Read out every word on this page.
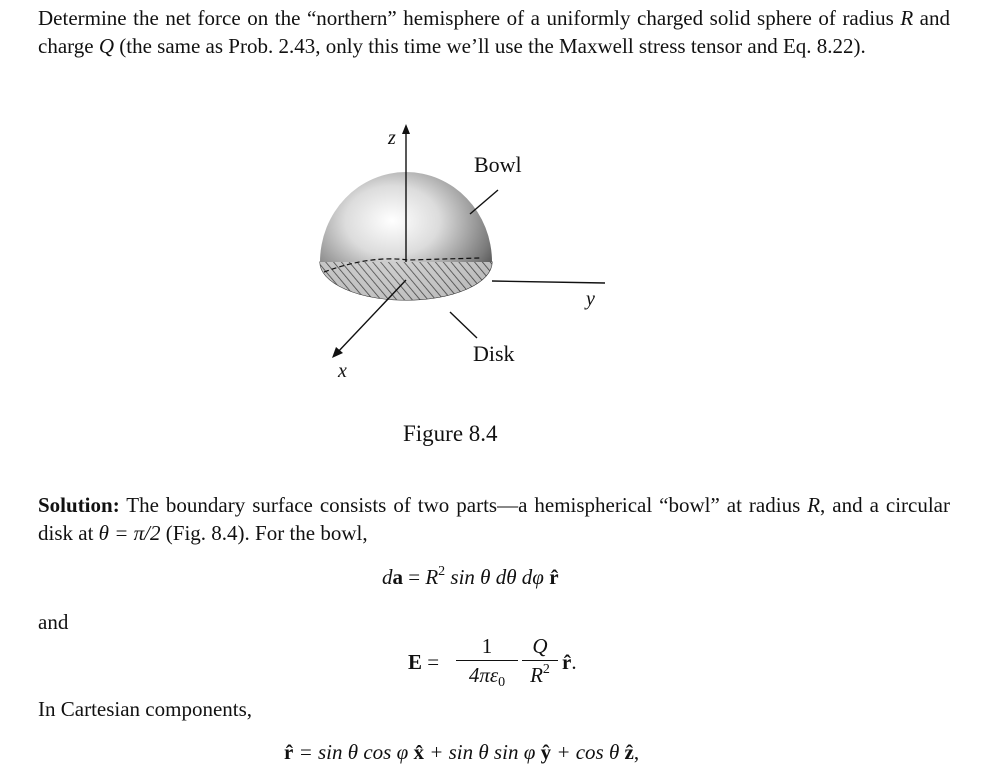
Determine the net force on the “northern” hemisphere of a uniformly charged solid sphere of radius R and charge Q (the same as Prob. 2.43, only this time we’ll use the Maxwell stress tensor and Eq. 8.22).

z
y
x
Bowl
Disk

Figure 8.4

Solution: The boundary surface consists of two parts—a hemispherical “bowl” at radius R, and a circular disk at θ = π/2 (Fig. 8.4). For the bowl,

da = $R^2$ sin θ dθ dφ r̂

and

E =
1
$4\pi\varepsilon_0$
Q
$R^2$ r̂.

In Cartesian components,

r̂ = sin θ cos φ x̂ + sin θ sin φ ŷ + cos θ ẑ,
